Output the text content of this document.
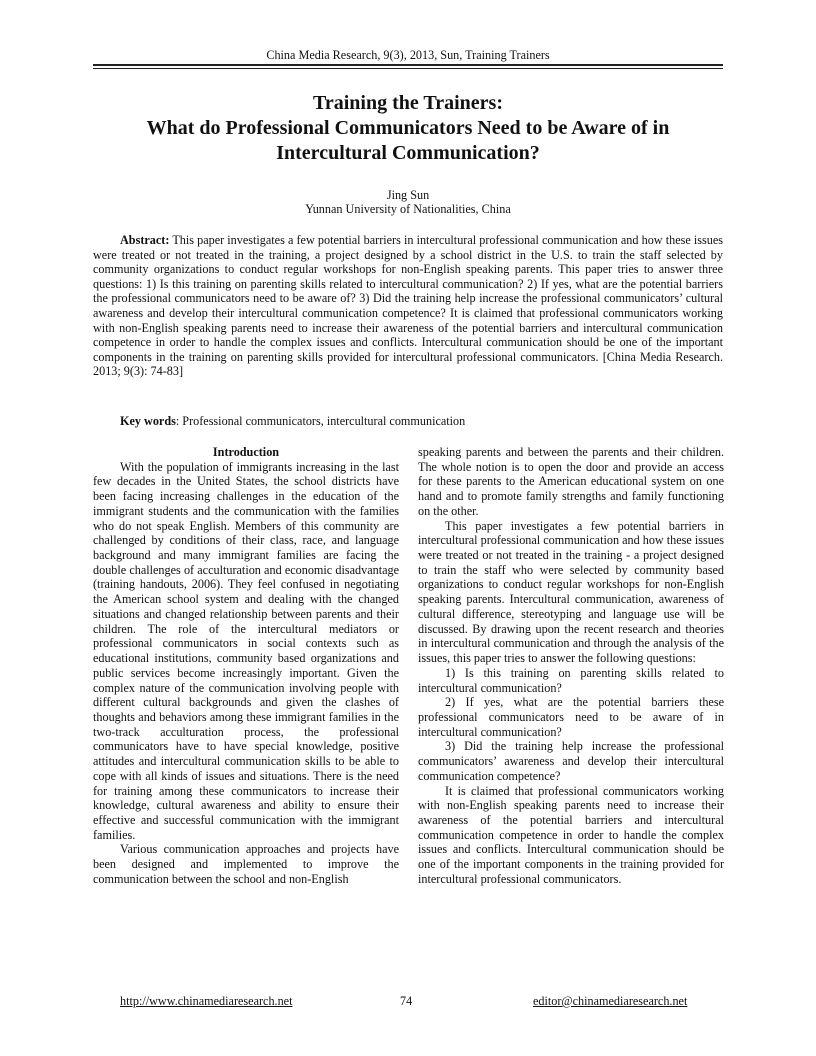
China Media Research, 9(3), 2013, Sun, Training Trainers
Training the Trainers:
What do Professional Communicators Need to be Aware of in
Intercultural Communication?
Jing Sun
Yunnan University of Nationalities, China

Abstract: This paper investigates a few potential barriers in intercultural professional communication and how these issues were treated or not treated in the training, a project designed by a school district in the U.S. to train the staff selected by community organizations to conduct regular workshops for non-English speaking parents. This paper tries to answer three questions: 1) Is this training on parenting skills related to intercultural communication? 2) If yes, what are the potential barriers the professional communicators need to be aware of? 3) Did the training help increase the professional communicators’ cultural awareness and develop their intercultural communication competence? It is claimed that professional communicators working with non-English speaking parents need to increase their awareness of the potential barriers and intercultural communication competence in order to handle the complex issues and conflicts. Intercultural communication should be one of the important components in the training on parenting skills provided for intercultural professional communicators. [China Media Research. 2013; 9(3): 74-83]

Key words: Professional communicators, intercultural communication

Introduction

With the population of immigrants increasing in the last few decades in the United States, the school districts have been facing increasing challenges in the education of the immigrant students and the communication with the families who do not speak English. Members of this community are challenged by conditions of their class, race, and language background and many immigrant families are facing the double challenges of acculturation and economic disadvantage (training handouts, 2006). They feel confused in negotiating the American school system and dealing with the changed situations and changed relationship between parents and their children. The role of the intercultural mediators or professional communicators in social contexts such as educational institutions, community based organizations and public services become increasingly important. Given the complex nature of the communication involving people with different cultural backgrounds and given the clashes of thoughts and behaviors among these immigrant families in the two-track acculturation process, the professional communicators have to have special knowledge, positive attitudes and intercultural communication skills to be able to cope with all kinds of issues and situations. There is the need for training among these communicators to increase their knowledge, cultural awareness and ability to ensure their effective and successful communication with the immigrant families.

Various communication approaches and projects have been designed and implemented to improve the communication between the school and non-English

speaking parents and between the parents and their children. The whole notion is to open the door and provide an access for these parents to the American educational system on one hand and to promote family strengths and family functioning on the other.

This paper investigates a few potential barriers in intercultural professional communication and how these issues were treated or not treated in the training - a project designed to train the staff who were selected by community based organizations to conduct regular workshops for non-English speaking parents. Intercultural communication, awareness of cultural difference, stereotyping and language use will be discussed. By drawing upon the recent research and theories in intercultural communication and through the analysis of the issues, this paper tries to answer the following questions:

1) Is this training on parenting skills related to intercultural communication?

2) If yes, what are the potential barriers these professional communicators need to be aware of in intercultural communication?

3) Did the training help increase the professional communicators’ awareness and develop their intercultural communication competence?

It is claimed that professional communicators working with non-English speaking parents need to increase their awareness of the potential barriers and intercultural communication competence in order to handle the complex issues and conflicts. Intercultural communication should be one of the important components in the training provided for intercultural professional communicators.

http://www.chinamediaresearch.net	74	editor@chinamediaresearch.net
